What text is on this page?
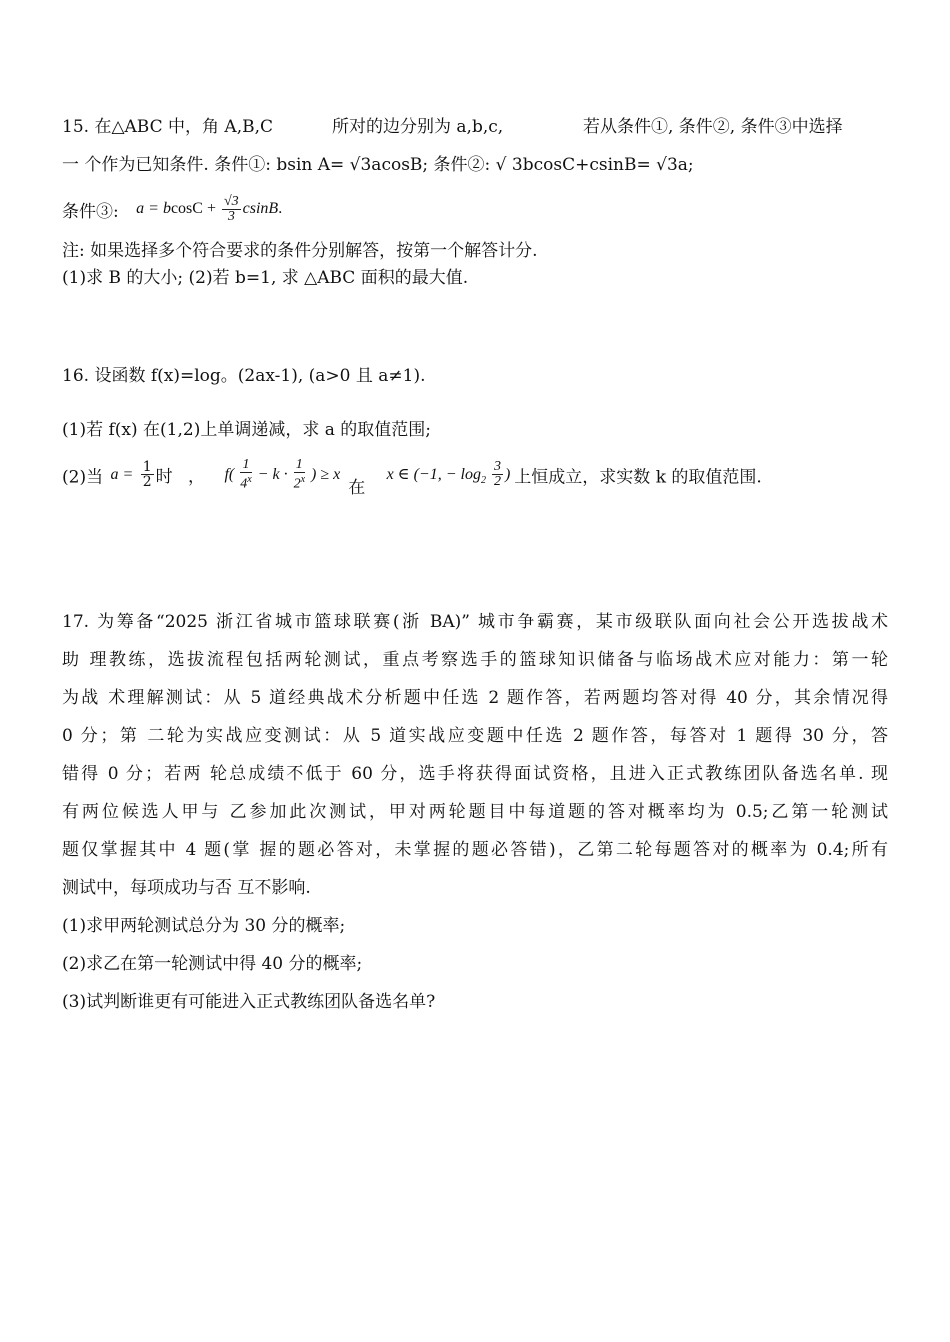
15. 在△ABC 中，角 A,B,C	所对的边分别为 a,b,c,	若从条件①, 条件②, 条件③中选择
一 个作为已知条件. 条件①: bsin A= √3acosB; 条件②: √ 3bcosC+csinB= √3a;
条件③: $a = bcosC + \frac{√3}{3} csinB$.
注: 如果选择多个符合要求的条件分别解答，按第一个解答计分.
(1)求 B 的大小; (2)若 b=1, 求 △ABC 面积的最大值.
16. 设函数 f(x)=log。(2ax-1), (a>0 且 a≠1).
(1)若 f(x) 在(1,2)上单调递减，求 a 的取值范围;
(2)当 $a = \frac{1}{2}$ 时 ， $f( \frac{1}{4^x} - k \cdot \frac{1}{2^x}$ ) ≥ x 在 x ∈ (−1, − $\log_2 \frac{3}{2}$ ) 上恒成立，求实数 k 的取值范围.
17. 为筹备“2025 浙江省城市篮球联赛(浙 BA)” 城市争霸赛，某市级联队面向社会公开选拔战术
助 理教练，选拔流程包括两轮测试，重点考察选手的篮球知识储备与临场战术应对能力：第一轮
为战 术理解测试：从 5 道经典战术分析题中任选 2 题作答，若两题均答对得 40 分，其余情况得
0 分；第 二轮为实战应变测试：从 5 道实战应变题中任选 2 题作答，每答对 1 题得 30 分，答
错得 0 分；若两 轮总成绩不低于 60 分，选手将获得面试资格，且进入正式教练团队备选名单. 现
有两位候选人甲与 乙参加此次测试，甲对两轮题目中每道题的答对概率均为 0.5;乙第一轮测试
题仅掌握其中 4 题(掌 握的题必答对，未掌握的题必答错)，乙第二轮每题答对的概率为 0.4;所有
测试中，每项成功与否 互不影响.
(1)求甲两轮测试总分为 30 分的概率;
(2)求乙在第一轮测试中得 40 分的概率;
(3)试判断谁更有可能进入正式教练团队备选名单?
